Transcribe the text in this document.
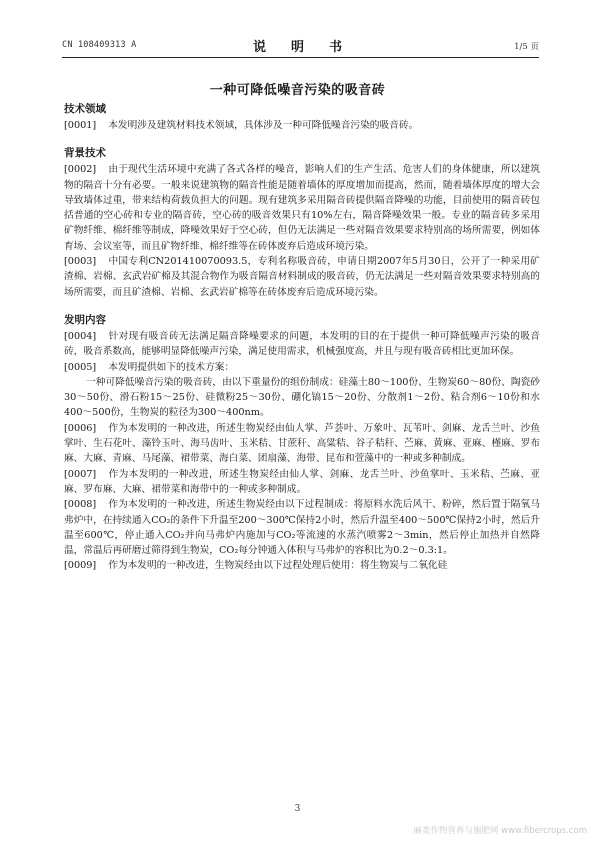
CN 108409313 A	说　明　书	1/5 页
一种可降低噪音污染的吸音砖
技术领域

[0001] 本发明涉及建筑材料技术领域，具体涉及一种可降低噪音污染的吸音砖。

背景技术

[0002] 由于现代生活环境中充满了各式各样的噪音，影响人们的生产生活、危害人们的身体健康，所以建筑物的隔音十分有必要。一般来说建筑物的隔音性能是随着墙体的厚度增加而提高，然而，随着墙体厚度的增大会导致墙体过重，带来结构荷载负担大的问题。现有建筑多采用隔音砖提供隔音降噪的功能，目前使用的隔音砖包括普通的空心砖和专业的隔音砖，空心砖的吸音效果只有10%左右，隔音降噪效果一般。专业的隔音砖多采用矿物纤维、棉纤维等制成，降噪效果好于空心砖，但仍无法满足一些对隔音效果要求特别高的场所需要，例如体育场、会议室等，而且矿物纤维、棉纤维等在砖体废弃后造成环境污染。

[0003] 中国专利CN201410070093.5，专利名称吸音砖，申请日期2007年5月30日，公开了一种采用矿渣棉、岩棉、玄武岩矿棉及其混合物作为吸音隔音材料制成的吸音砖，仍无法满足一些对隔音效果要求特别高的场所需要，而且矿渣棉、岩棉、玄武岩矿棉等在砖体废弃后造成环境污染。

发明内容

[0004] 针对现有吸音砖无法满足隔音降噪要求的问题，本发明的目的在于提供一种可降低噪声污染的吸音砖，吸音系数高，能够明显降低噪声污染，满足使用需求，机械强度高，并且与现有吸音砖相比更加环保。

[0005] 本发明提供如下的技术方案：

一种可降低噪音污染的吸音砖，由以下重量份的组份制成：硅藻土80～100份、生物炭60～80份、陶瓷砂30～50份、滑石粉15～25份、硅微粉25～30份、硼化镐15～20份、分散剂1～2份、粘合剂6～10份和水400～500份，生物炭的粒径为300～400nm。

[0006] 作为本发明的一种改进，所述生物炭经由仙人掌、芦荟叶、万象叶、瓦苇叶、剑麻、龙舌兰叶、沙鱼掌叶、生石花叶、藻铃玉叶、海马齿叶、玉米秸、甘蔗秆、高粱秸、谷子秸秆、苎麻、黄麻、亚麻、槿麻、罗布麻、大麻、青麻、马尾藻、裙带菜、海白菜、团扇藻、海带、昆布和萱藻中的一种或多种制成。

[0007] 作为本发明的一种改进，所述生物炭经由仙人掌、剑麻、龙舌兰叶、沙鱼掌叶、玉米秸、苎麻、亚麻、罗布麻、大麻、裙带菜和海带中的一种或多种制成。

[0008] 作为本发明的一种改进，所述生物炭经由以下过程制成：将原料水洗后风干、粉碎，然后置于隔氧马弗炉中，在持续通入CO₂的条件下升温至200～300℃保持2小时，然后升温至400～500℃保持2小时，然后升温至600℃，停止通入CO₂并向马弗炉内施加与CO₂等流速的水蒸汽喷雾2～3min，然后停止加热并自然降温，常温后再研磨过筛得到生物炭，CO₂每分钟通入体积与马弗炉的容积比为0.2～0.3:1。

[0009] 作为本发明的一种改进，生物炭经由以下过程处理后使用：将生物炭与二氧化硅

3
麻类作物营养与施肥网 www.fibercrops.com
